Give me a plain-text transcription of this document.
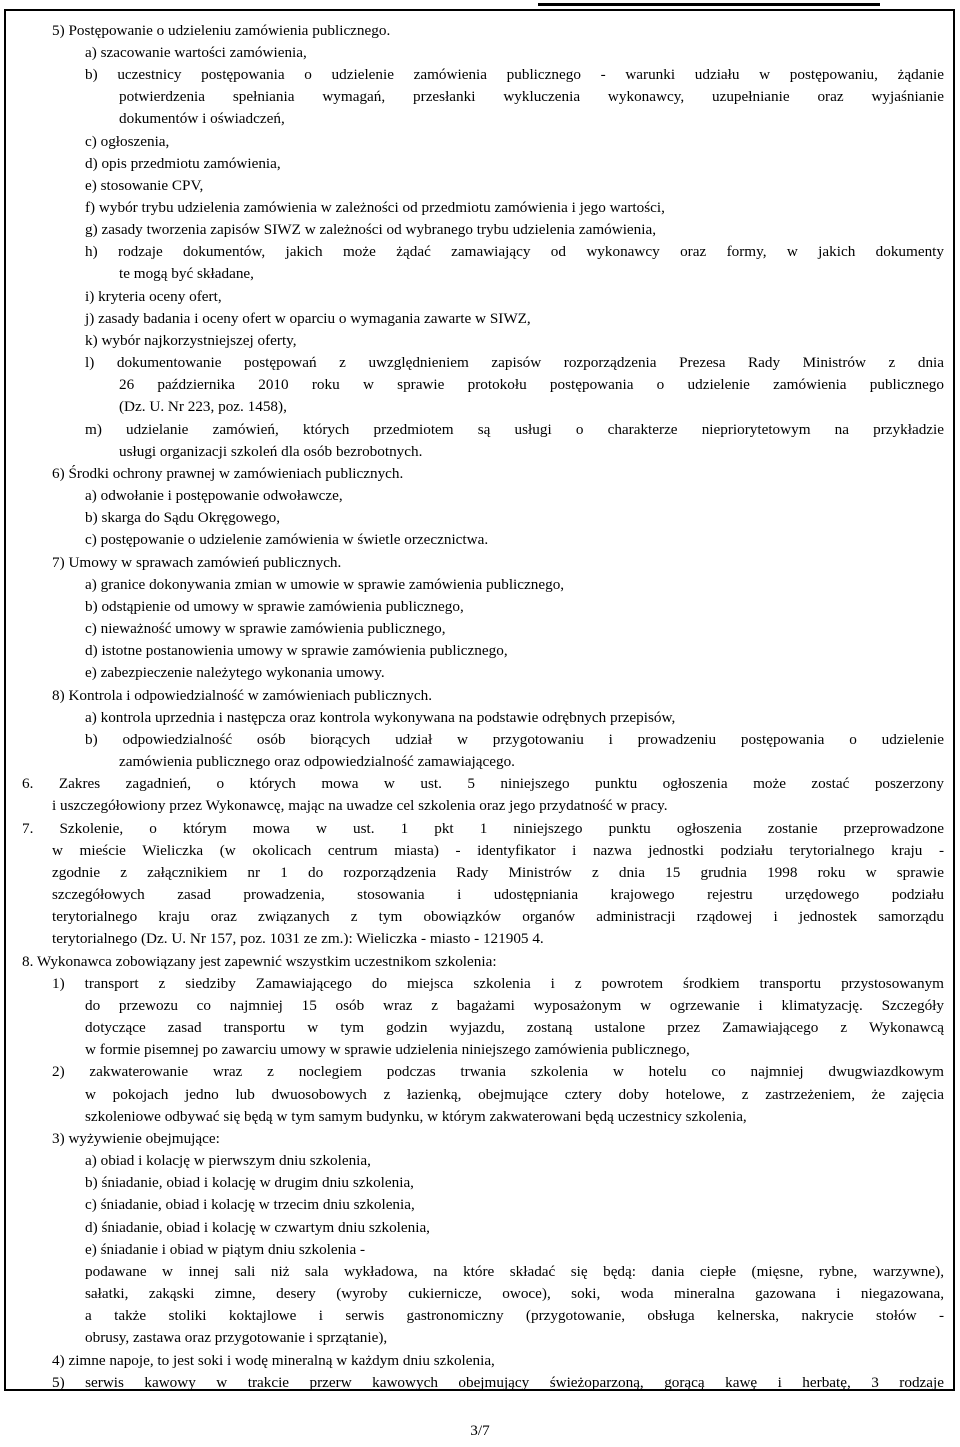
5) Postępowanie o udzieleniu zamówienia publicznego.
a) szacowanie wartości zamówienia,
b) uczestnicy postępowania o udzielenie zamówienia publicznego - warunki udziału w postępowaniu, żądanie
potwierdzenia spełniania wymagań, przesłanki wykluczenia wykonawcy, uzupełnianie oraz wyjaśnianie
dokumentów i oświadczeń,
c) ogłoszenia,
d) opis przedmiotu zamówienia,
e) stosowanie CPV,
f) wybór trybu udzielenia zamówienia w zależności od przedmiotu zamówienia i jego wartości,
g) zasady tworzenia zapisów SIWZ w zależności od wybranego trybu udzielenia zamówienia,
h) rodzaje dokumentów, jakich może żądać zamawiający od wykonawcy oraz formy, w jakich dokumenty
te mogą być składane,
i) kryteria oceny ofert,
j) zasady badania i oceny ofert w oparciu o wymagania zawarte w SIWZ,
k) wybór najkorzystniejszej oferty,
l) dokumentowanie postępowań z uwzględnieniem zapisów rozporządzenia Prezesa Rady Ministrów z dnia
26 października 2010 roku w sprawie protokołu postępowania o udzielenie zamówienia publicznego
(Dz. U. Nr 223, poz. 1458),
m) udzielanie zamówień, których przedmiotem są usługi o charakterze niepriorytetowym na przykładzie
usługi organizacji szkoleń dla osób bezrobotnych.
6) Środki ochrony prawnej w zamówieniach publicznych.
a) odwołanie i postępowanie odwoławcze,
b) skarga do Sądu Okręgowego,
c) postępowanie o udzielenie zamówienia w świetle orzecznictwa.
7) Umowy w sprawach zamówień publicznych.
a) granice dokonywania zmian w umowie w sprawie zamówienia publicznego,
b) odstąpienie od umowy w sprawie zamówienia publicznego,
c) nieważność umowy w sprawie zamówienia publicznego,
d) istotne postanowienia umowy w sprawie zamówienia publicznego,
e) zabezpieczenie należytego wykonania umowy.
8) Kontrola i odpowiedzialność w zamówieniach publicznych.
a) kontrola uprzednia i następcza oraz kontrola wykonywana na podstawie odrębnych przepisów,
b) odpowiedzialność osób biorących udział w przygotowaniu i prowadzeniu postępowania o udzielenie
zamówienia publicznego oraz odpowiedzialność zamawiającego.
6. Zakres zagadnień, o których mowa w ust. 5 niniejszego punktu ogłoszenia może zostać poszerzony
i uszczegółowiony przez Wykonawcę, mając na uwadze cel szkolenia oraz jego przydatność w pracy.
7. Szkolenie, o którym mowa w ust. 1 pkt 1 niniejszego punktu ogłoszenia zostanie przeprowadzone
w mieście Wieliczka (w okolicach centrum miasta) - identyfikator i nazwa jednostki podziału terytorialnego kraju -
zgodnie z załącznikiem nr 1 do rozporządzenia Rady Ministrów z dnia 15 grudnia 1998 roku w sprawie
szczegółowych zasad prowadzenia, stosowania i udostępniania krajowego rejestru urzędowego podziału
terytorialnego kraju oraz związanych z tym obowiązków organów administracji rządowej i jednostek samorządu
terytorialnego (Dz. U. Nr 157, poz. 1031 ze zm.): Wieliczka - miasto - 121905 4.
8. Wykonawca zobowiązany jest zapewnić wszystkim uczestnikom szkolenia:
1) transport z siedziby Zamawiającego do miejsca szkolenia i z powrotem środkiem transportu przystosowanym
do przewozu co najmniej 15 osób wraz z bagażami wyposażonym w ogrzewanie i klimatyzację. Szczegóły
dotyczące zasad transportu w tym godzin wyjazdu, zostaną ustalone przez Zamawiającego z Wykonawcą
w formie pisemnej po zawarciu umowy w sprawie udzielenia niniejszego zamówienia publicznego,
2) zakwaterowanie wraz z noclegiem podczas trwania szkolenia w hotelu co najmniej dwugwiazdkowym
w pokojach jedno lub dwuosobowych z łazienką, obejmujące cztery doby hotelowe, z zastrzeżeniem, że zajęcia
szkoleniowe odbywać się będą w tym samym budynku, w którym zakwaterowani będą uczestnicy szkolenia,
3) wyżywienie obejmujące:
a) obiad i kolację w pierwszym dniu szkolenia,
b) śniadanie, obiad i kolację w drugim dniu szkolenia,
c) śniadanie, obiad i kolację w trzecim dniu szkolenia,
d) śniadanie, obiad i kolację w czwartym dniu szkolenia,
e) śniadanie i obiad w piątym dniu szkolenia -
podawane w innej sali niż sala wykładowa, na które składać się będą: dania ciepłe (mięsne, rybne, warzywne),
sałatki, zakąski zimne, desery (wyroby cukiernicze, owoce), soki, woda mineralna gazowana i niegazowana,
a także stoliki koktajlowe i serwis gastronomiczny (przygotowanie, obsługa kelnerska, nakrycie stołów -
obrusy, zastawa oraz przygotowanie i sprzątanie),
4) zimne napoje, to jest soki i wodę mineralną w każdym dniu szkolenia,
5) serwis kawowy w trakcie przerw kawowych obejmujący świeżoparzoną, gorącą kawę i herbatę, 3 rodzaje
3/7
